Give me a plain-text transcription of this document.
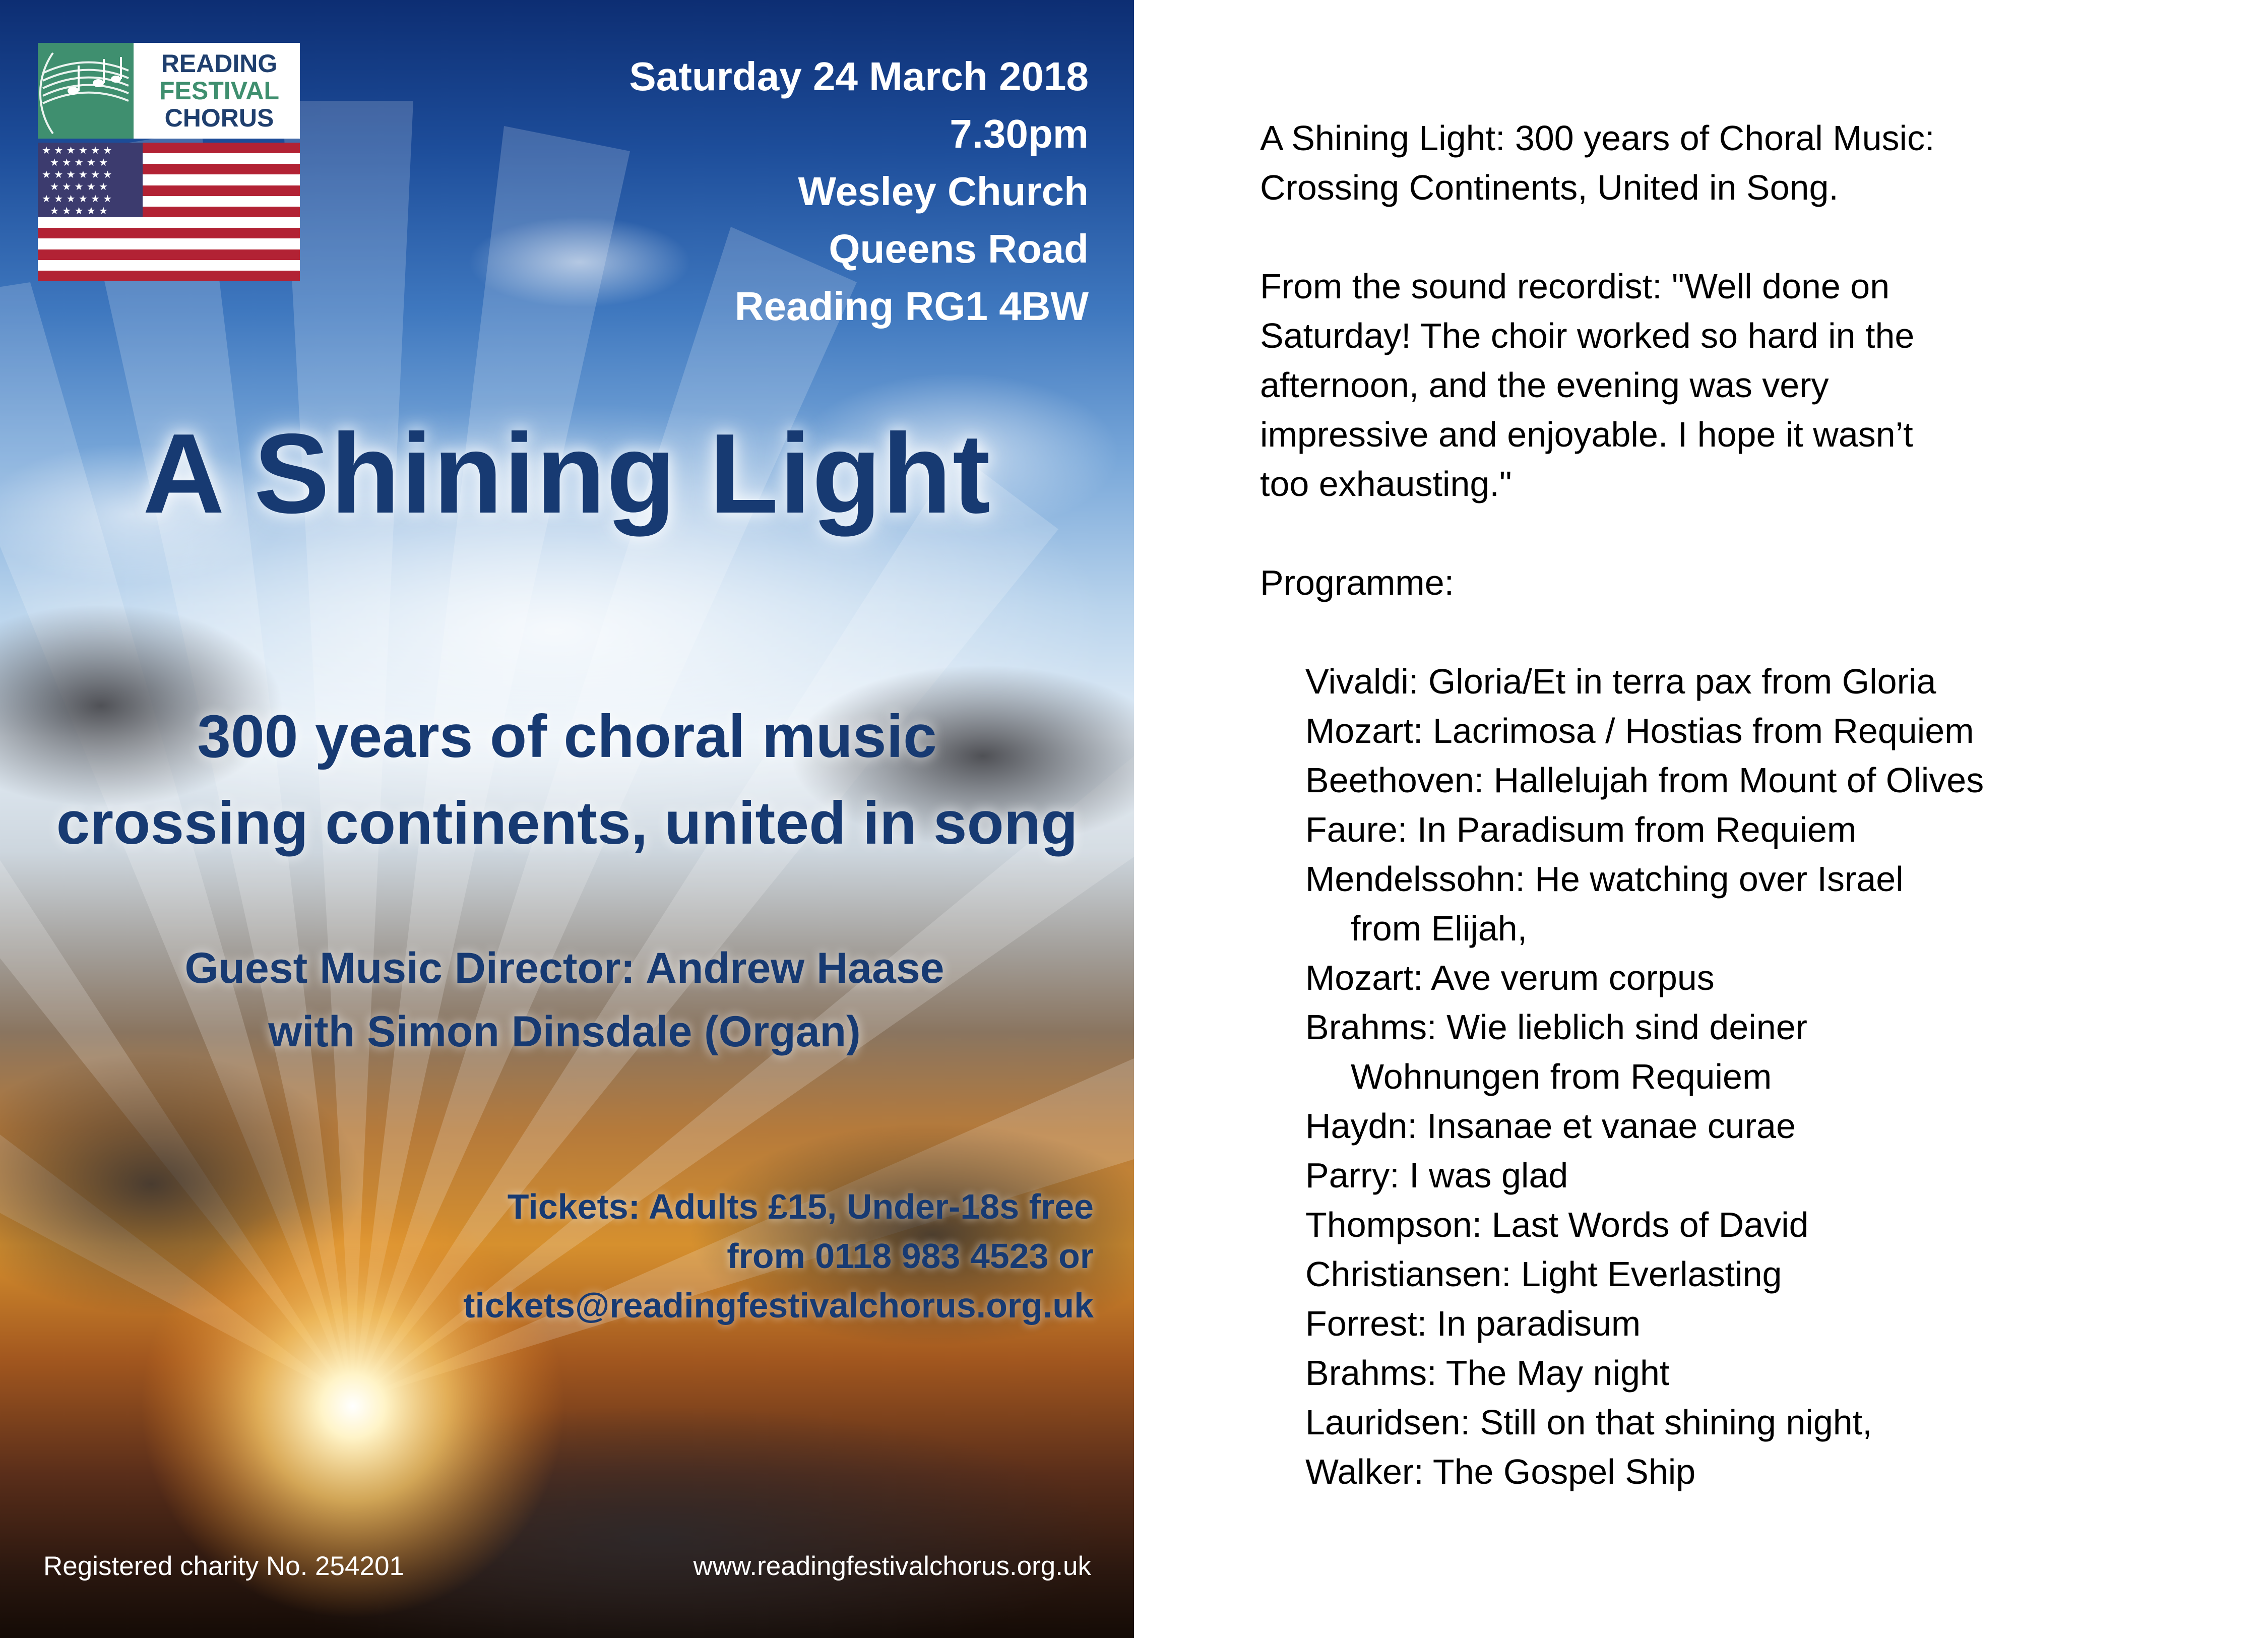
READING
FESTIVAL
CHORUS
★ ★ ★ ★ ★ ★
★ ★ ★ ★ ★
★ ★ ★ ★ ★ ★
★ ★ ★ ★ ★
★ ★ ★ ★ ★ ★
★ ★ ★ ★ ★
Saturday 24 March 2018
7.30pm
Wesley Church
Queens Road
Reading RG1 4BW
A Shining Light
300 years of choral music
crossing continents, united in song
Guest Music Director: Andrew Haase
with Simon Dinsdale (Organ)
Tickets: Adults £15, Under-18s free
from 0118 983 4523 or
tickets@readingfestivalchorus.org.uk
Registered charity No. 254201	www.readingfestivalchorus.org.uk

A Shining Light: 300 years of Choral Music:

Crossing Continents, United in Song.

From the sound recordist: "Well done on

Saturday! The choir worked so hard in the

afternoon, and the evening was very

impressive and enjoyable. I hope it wasn’t

too exhausting."

Programme:

Vivaldi: Gloria/Et in terra pax from Gloria
Mozart: Lacrimosa / Hostias from Requiem
Beethoven: Hallelujah from Mount of Olives
Faure: In Paradisum from Requiem
Mendelssohn: He watching over Israel
from Elijah,
Mozart: Ave verum corpus
Brahms: Wie lieblich sind deiner
Wohnungen from Requiem
Haydn: Insanae et vanae curae
Parry: I was glad
Thompson: Last Words of David
Christiansen: Light Everlasting
Forrest: In paradisum
Brahms: The May night
Lauridsen: Still on that shining night,
Walker: The Gospel Ship
